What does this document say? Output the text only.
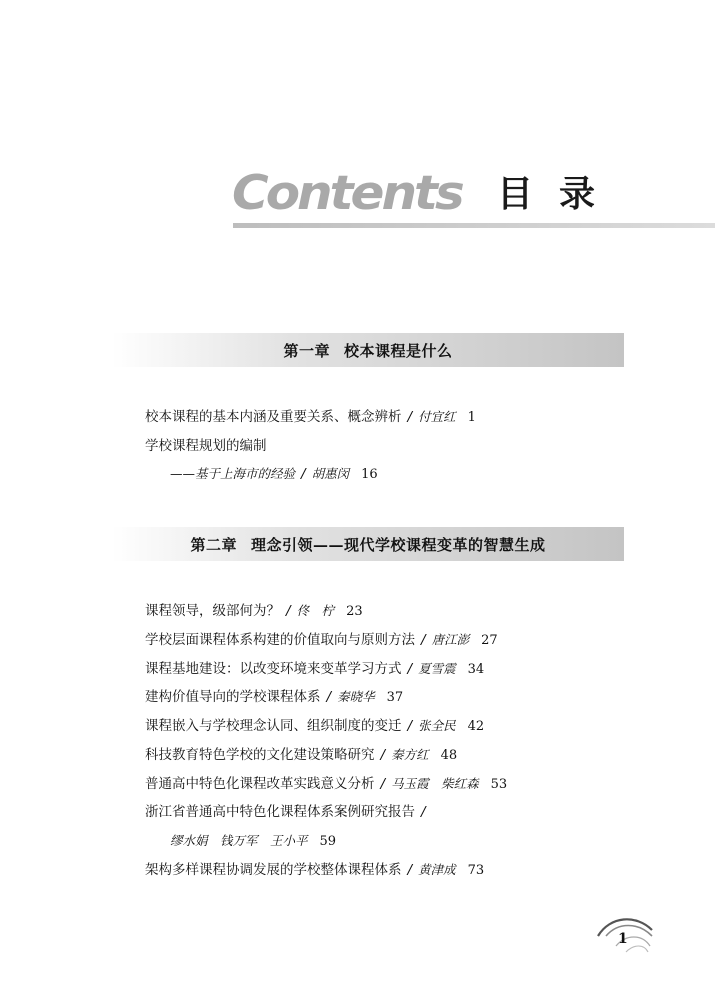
Contents 目录
第一章 校本课程是什么
校本课程的基本内涵及重要关系、概念辨析 / 付宜红 1
学校课程规划的编制
——基于上海市的经验 / 胡惠闵 16
第二章 理念引领——现代学校课程变革的智慧生成
课程领导，级部何为？ / 佟　柠 23
学校层面课程体系构建的价值取向与原则方法 / 唐江澎 27
课程基地建设：以改变环境来变革学习方式 / 夏雪震 34
建构价值导向的学校课程体系 / 秦晓华 37
课程嵌入与学校理念认同、组织制度的变迁 / 张全民 42
科技教育特色学校的文化建设策略研究 / 秦方红 48
普通高中特色化课程改革实践意义分析 / 马玉霞　柴红森 53
浙江省普通高中特色化课程体系案例研究报告 /
缪水娟　钱万军　王小平 59
架构多样课程协调发展的学校整体课程体系 / 黄津成 73
1
